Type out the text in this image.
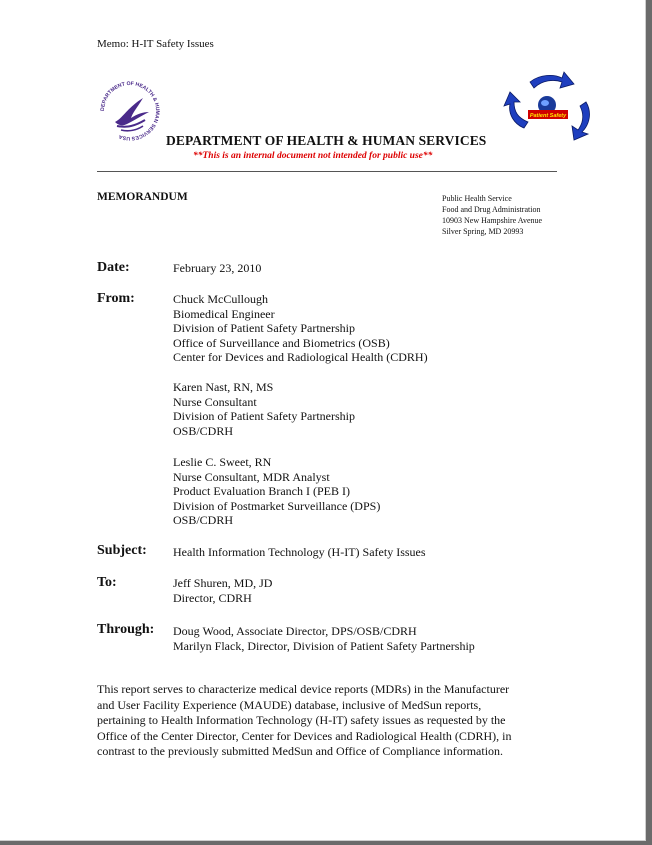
Memo: H-IT Safety Issues
DEPARTMENT OF HEALTH & HUMAN SERVICES USA	DEPARTMENT OF HEALTH & HUMAN SERVICES
**This is an internal document not intended for public use**
Patient Safety
MEMORANDUM	Public Health Service
Food and Drug Administration
10903 New Hampshire Avenue
Silver Spring, MD 20993
Date:	February 23, 2010
From:	Chuck McCullough
Biomedical Engineer
Division of Patient Safety Partnership
Office of Surveillance and Biometrics (OSB)
Center for Devices and Radiological Health (CDRH)
Karen Nast, RN, MS
Nurse Consultant
Division of Patient Safety Partnership
OSB/CDRH
Leslie C. Sweet, RN
Nurse Consultant, MDR Analyst
Product Evaluation Branch I (PEB I)
Division of Postmarket Surveillance (DPS)
OSB/CDRH
Subject: Health Information Technology (H-IT) Safety Issues
To:	Jeff Shuren, MD, JD
Director, CDRH
Through: Doug Wood, Associate Director, DPS/OSB/CDRH
Marilyn Flack, Director, Division of Patient Safety Partnership
This report serves to characterize medical device reports (MDRs) in the Manufacturer
and User Facility Experience (MAUDE) database, inclusive of MedSun reports,
pertaining to Health Information Technology (H-IT) safety issues as requested by the
Office of the Center Director, Center for Devices and Radiological Health (CDRH), in
contrast to the previously submitted MedSun and Office of Compliance information.
